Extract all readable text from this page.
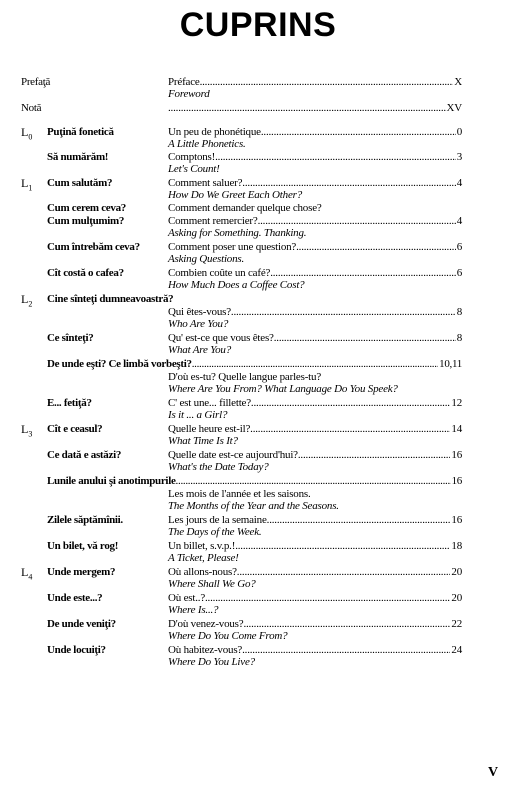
CUPRINS
Prefaţă	Préface .....	X
Foreword
Notă .....	XV
$L_0$ Puţină fonetică	Un peu de phonétique .....	0
A Little Phonetics.
Să numărăm!	Comptons! .....	3
Let's Count!
$L_1$ Cum salutăm?	Comment saluer? .....	4
How Do We Greet Each Other?
Cum cerem ceva?	Comment demander quelque chose?
Cum mulţumim?	Comment remercier? .....	4
Asking for Something. Thanking.
Cum întrebăm ceva?	Comment poser une question? .....	6
Asking Questions.
Cît costă o cafea?	Combien coûte un café? .....	6
How Much Does a Coffee Cost?
$L_2$ Cine sînteţi dumneavoastră?
Qui êtes-vous? .....	8
Who Are You?
Ce sînteţi?	Qu' est-ce que vous êtes? .....	8
What Are You?
De unde eşti? Ce limbă vorbeşti? .....	10,11
D'où es-tu? Quelle langue parles-tu?
Where Are You From? What Language Do You Speek?
E... fetiţă?	C' est une... fillette? .....	12
Is it ... a Girl?
$L_3$ Cît e ceasul?	Quelle heure est-il? .....	14
What Time Is It?
Ce dată e astăzi?	Quelle date est-ce aujourd'hui? .....	16
What's the Date Today?
Lunile anului şi anotimpurile .....	16
Les mois de l'année et les saisons.
The Months of the Year and the Seasons.
Zilele săptămînii.	Les jours de la semaine .....	16
The Days of the Week.
Un bilet, vă rog!	Un billet, s.v.p.! .....	18
A Ticket, Please!
$L_4$ Unde mergem?	Où allons-nous? .....	20
Where Shall We Go?
Unde este...?	Où est..? .....	20
Where Is...?
De unde veniţi?	D'où venez-vous? .....	22
Where Do You Come From?
Unde locuiţi?	Où habitez-vous? .....	24
Where Do You Live?
V
